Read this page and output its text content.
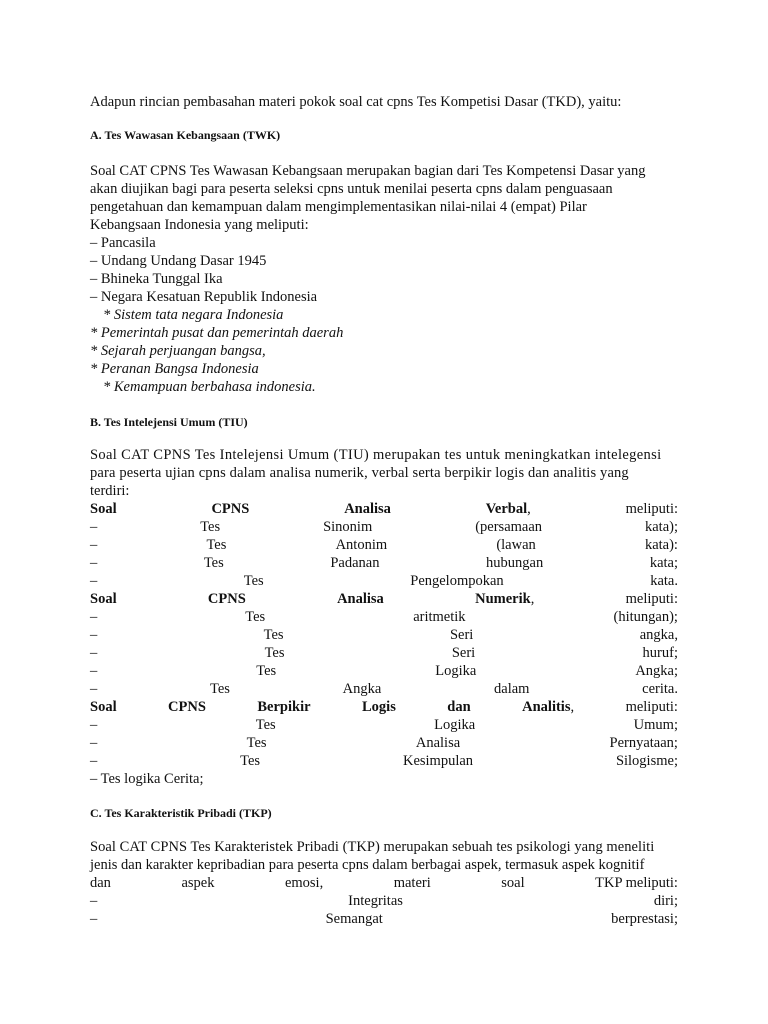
Adapun rincian pembasahan materi pokok soal cat cpns Tes Kompetisi Dasar (TKD), yaitu:
A. Tes Wawasan Kebangsaan (TWK)
Soal CAT CPNS Tes Wawasan Kebangsaan merupakan bagian dari Tes Kompetensi Dasar yang
akan diujikan bagi para peserta seleksi cpns untuk menilai peserta cpns dalam penguasaan
pengetahuan dan kemampuan dalam mengimplementasikan nilai-nilai 4 (empat) Pilar
Kebangsaan Indonesia yang meliputi:
– Pancasila
– Undang Undang Dasar 1945
– Bhineka Tunggal Ika
– Negara Kesatuan Republik Indonesia
* Sistem tata negara Indonesia
* Pemerintah pusat dan pemerintah daerah
* Sejarah perjuangan bangsa,
* Peranan Bangsa Indonesia
* Kemampuan berbahasa indonesia.
B. Tes Intelejensi Umum (TIU)
Soal CAT CPNS Tes Intelejensi Umum (TIU) merupakan tes untuk meningkatkan intelegensi
para peserta ujian cpns dalam analisa numerik, verbal serta berpikir logis dan analitis yang
terdiri:
Soal	CPNS	Analisa	Verbal,	meliputi:
–	Tes	Sinonim	(persamaan	kata);
–	Tes	Antonim	(lawan	kata):
–	Tes	Padanan	hubungan	kata;
–	Tes	Pengelompokan	kata.
Soal	CPNS	Analisa	Numerik,	meliputi:
–	Tes	aritmetik	(hitungan);
–	Tes	Seri	angka,
–	Tes	Seri	huruf;
–	Tes	Logika	Angka;
–	Tes	Angka	dalam	cerita.
Soal	CPNS	Berpikir	Logis	dan	Analitis,	meliputi:
–	Tes	Logika	Umum;
–	Tes	Analisa	Pernyataan;
–	Tes	Kesimpulan	Silogisme;
– Tes logika Cerita;
C. Tes Karakteristik Pribadi (TKP)
Soal CAT CPNS Tes Karakteristek Pribadi (TKP) merupakan sebuah tes psikologi yang meneliti
jenis dan karakter kepribadian para peserta cpns dalam berbagai aspek, termasuk aspek kognitif
dan	aspek	emosi,	materi	soal	TKP meliputi:
–	Integritas	diri;
–	Semangat	berprestasi;
